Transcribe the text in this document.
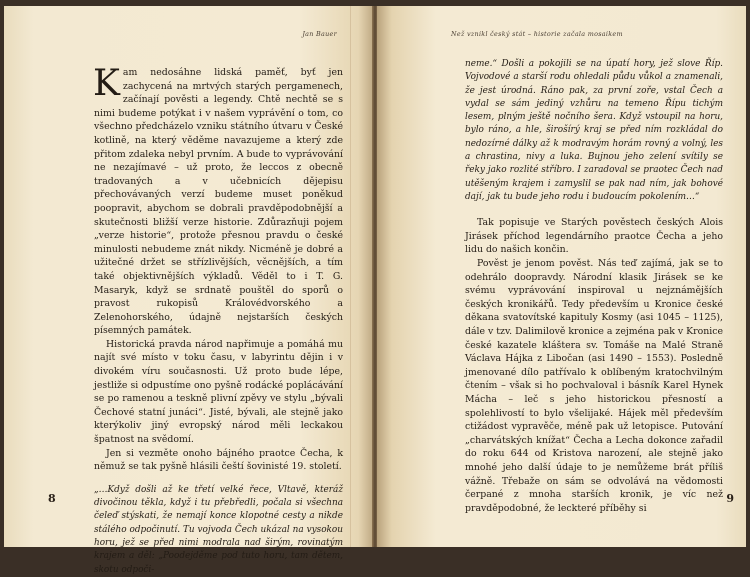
Jan Bauer

Kam nedosáhne lidská paměť, byť jen zachycená na mrtvých starých pergamenech, začínají pověsti a legendy. Chtě nechtě se s nimi budeme potýkat i v našem vyprávění o tom, co všechno předcházelo vzniku státního útvaru v České kotlině, na který věděme navazujeme a který zde přitom zdaleka nebyl prvním. A bude to vyprávování ne nezajímavé – už proto, že leccos z obecně tradovaných a v učebnicích dějepisu přechovávaných verzí budeme muset poněkud poopravit, abychom se dobrali pravděpodobnější a skutečnosti bližší verze historie. Zdůrazňuji pojem „verze historie“, protože přesnou pravdu o české minulosti nebudeme znát nikdy. Nicméně je dobré a užitečné držet se střízlivějších, věcnějších, a tím také objektivnějších výkladů. Věděl to i T. G. Masaryk, když se srdnatě pouštěl do sporů o pravost rukopisů Královédvorského a Zelenohorského, údajně nejstarších českých písemných památek.

Historická pravda národ napřimuje a pomáhá mu najít své místo v toku času, v labyrintu dějin i v divokém víru současnosti. Už proto bude lépe, jestliže si odpustíme ono pyšně rodácké poplácávání se po ramenou a teskně plivní zpěvy ve stylu „bývali Čechové statní junáci“. Jisté, bývali, ale stejně jako kterýkoliv jiný evropský národ měli leckakou špatnost na svědomí.

Jen si vezměte onoho bájného praotce Čecha, k němuž se tak pyšně hlásili čeští šovinisté 19. století.

„…Když došli až ke třetí velké řece, Vltavě, kteráž divočinou těkla, když i tu přebředli, počala si všechna čeleď stýskati, že nemají konce klopotné cesty a nikde stálého odpočinutí. Tu vojvoda Čech ukázal na vysokou horu, jež se před nimi modrala nad širým, rovinatým krajem a děl: „Poodejděme pod tuto horu, tam dětem, skotu odpoči-

8
Než vznikl český stát – historie začala mosaikem

neme.“ Došli a pokojili se na úpatí hory, jež slove Říp. Vojvodové a starší rodu ohledali půdu vůkol a znamenali, že jest úrodná. Ráno pak, za první zoře, vstal Čech a vydal se sám jediný vzhůru na temeno Řípu tichým lesem, plným ještě nočního šera. Když vstoupil na horu, bylo ráno, a hle, širošírý kraj se před ním rozkládal do nedozírné dálky až k modravým horám rovný a volný, les a chrastina, nivy a luka. Bujnou jeho zelení svítily se řeky jako rozlité stříbro. I zaradoval se praotec Čech nad utěšeným krajem i zamyslil se pak nad ním, jak bohové dají, jak tu bude jeho rodu i budoucím pokolením…“

Tak popisuje ve Starých pověstech českých Alois Jirásek příchod legendárního praotce Čecha a jeho lidu do našich končin.

Pověst je jenom pověst. Nás teď zajímá, jak se to odehrálo doopravdy. Národní klasik Jirásek se ke svému vyprávování inspiroval u nejznámějších českých kronikářů. Tedy především u Kronice české děkana svatovítské kapituly Kosmy (asi 1045 – 1125), dále v tzv. Dalimilově kronice a zejména pak v Kronice české kazatele kláštera sv. Tomáše na Malé Straně Václava Hájka z Libočan (asi 1490 – 1553). Posledně jmenované dílo patřívalo k oblíbeným kratochvilným čtením – však si ho pochvaloval i básník Karel Hynek Mácha – leč s jeho historickou přesností a spolehlivostí to bylo všelijaké. Hájek měl především ctižádost vypravěče, méně pak už letopisce. Putování „charvátských knížat“ Čecha a Lecha dokonce zařadil do roku 644 od Kristova narození, ale stejně jako mnohé jeho další údaje to je nemůžeme brát příliš vážně. Třebaže on sám se odvolává na vědomosti čerpané z mnoha starších kronik, je víc než pravděpodobné, že leckteré příběhy si

9
